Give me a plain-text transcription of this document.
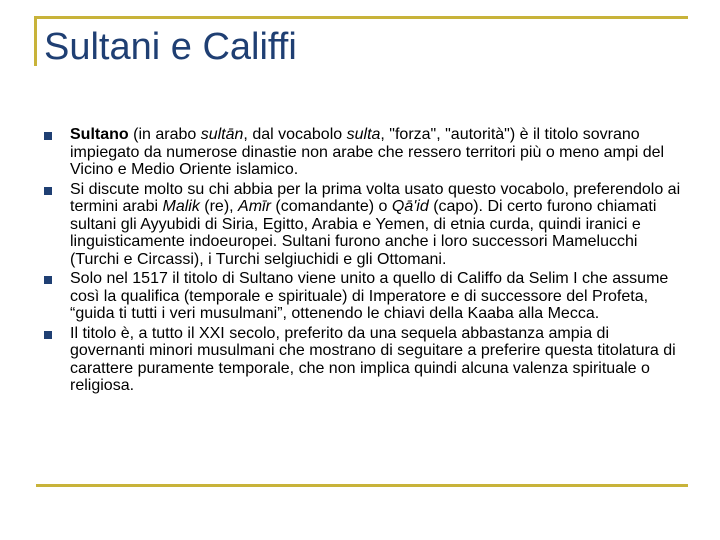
Sultani e Califfi
Sultano (in arabo sultān, dal vocabolo sulta, "forza", "autorità") è il titolo sovrano impiegato da numerose dinastie non arabe che ressero territori più o meno ampi del Vicino e Medio Oriente islamico.
Si discute molto su chi abbia per la prima volta usato questo vocabolo, preferendolo ai termini arabi Malik (re), Amīr (comandante) o Qā'id (capo). Di certo furono chiamati sultani gli Ayyubidi di Siria, Egitto, Arabia e Yemen, di etnia curda, quindi iranici e linguisticamente indoeuropei. Sultani furono anche i loro successori Mamelucchi (Turchi e Circassi), i Turchi selgiuchidi e gli Ottomani.
Solo nel 1517 il titolo di Sultano viene unito a quello di Califfo da Selim I che assume così la qualifica (temporale e spirituale) di Imperatore e di successore del Profeta, “guida ti tutti i veri musulmani”, ottenendo le chiavi della Kaaba alla Mecca.
Il titolo è, a tutto il XXI secolo, preferito da una sequela abbastanza ampia di governanti minori musulmani che mostrano di seguitare a preferire questa titolatura di carattere puramente temporale, che non implica quindi alcuna valenza spirituale o religiosa.
